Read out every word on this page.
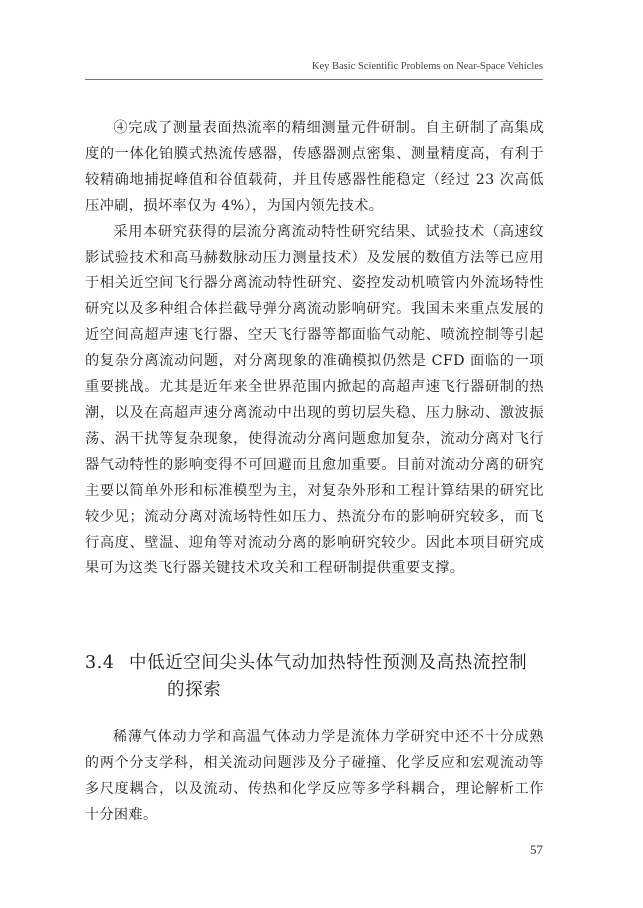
Key Basic Scientific Problems on Near-Space Vehicles

④完成了测量表面热流率的精细测量元件研制。自主研制了高集成度的一体化铂膜式热流传感器，传感器测点密集、测量精度高，有利于较精确地捕捉峰值和谷值载荷，并且传感器性能稳定（经过 23 次高低压冲刷，损坏率仅为 4%），为国内领先技术。

采用本研究获得的层流分离流动特性研究结果、试验技术（高速纹影试验技术和高马赫数脉动压力测量技术）及发展的数值方法等已应用于相关近空间飞行器分离流动特性研究、姿控发动机喷管内外流场特性研究以及多种组合体拦截导弹分离流动影响研究。我国未来重点发展的近空间高超声速飞行器、空天飞行器等都面临气动舵、喷流控制等引起的复杂分离流动问题，对分离现象的准确模拟仍然是 CFD 面临的一项重要挑战。尤其是近年来全世界范围内掀起的高超声速飞行器研制的热潮，以及在高超声速分离流动中出现的剪切层失稳、压力脉动、激波振荡、涡干扰等复杂现象，使得流动分离问题愈加复杂，流动分离对飞行器气动特性的影响变得不可回避而且愈加重要。目前对流动分离的研究主要以简单外形和标准模型为主，对复杂外形和工程计算结果的研究比较少见；流动分离对流场特性如压力、热流分布的影响研究较多，而飞行高度、壁温、迎角等对流动分离的影响研究较少。因此本项目研究成果可为这类飞行器关键技术攻关和工程研制提供重要支撑。

3.4 中低近空间尖头体气动加热特性预测及高热流控制
的探索

稀薄气体动力学和高温气体动力学是流体力学研究中还不十分成熟的两个分支学科，相关流动问题涉及分子碰撞、化学反应和宏观流动等多尺度耦合，以及流动、传热和化学反应等多学科耦合，理论解析工作十分困难。

57
